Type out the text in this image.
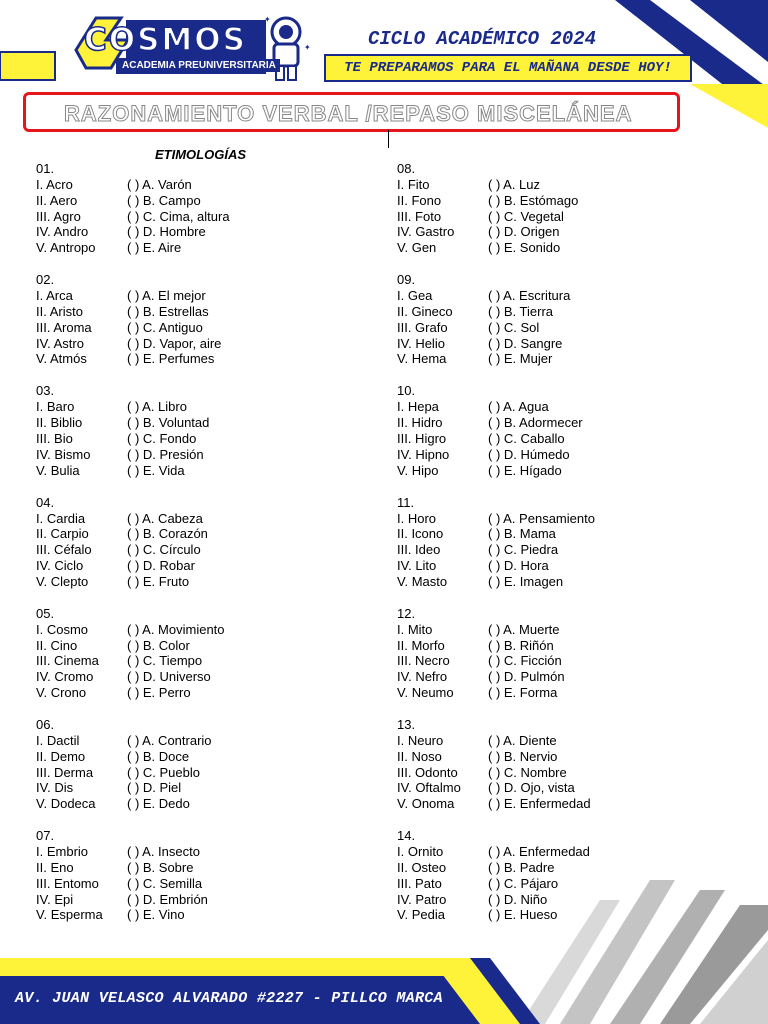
✦
✦
COSMOS
ACADEMIA PREUNIVERSITARIA
CICLO ACADÉMICO 2024
TE PREPARAMOS PARA EL MAÑANA DESDE HOY!
RAZONAMIENTO VERBAL /REPASO MISCELÁNEA
ETIMOLOGÍAS
01.
I. Acro	( ) A. Varón
II. Aero	( ) B. Campo
III. Agro	( ) C. Cima, altura
IV. Andro	( ) D. Hombre
V. Antropo ( ) E. Aire
02.
I. Arca	( ) A. El mejor
II. Aristo	( ) B. Estrellas
III. Aroma	( ) C. Antiguo
IV. Astro	( ) D. Vapor, aire
V. Atmós	( ) E. Perfumes
03.
I. Baro	( ) A. Libro
II. Biblio	( ) B. Voluntad
III. Bio	( ) C. Fondo
IV. Bismo	( ) D. Presión
V. Bulia	( ) E. Vida
04.
I. Cardia	( ) A. Cabeza
II. Carpio	( ) B. Corazón
III. Céfalo	( ) C. Círculo
IV. Ciclo	( ) D. Robar
V. Clepto	( ) E. Fruto
05.
I. Cosmo	( ) A. Movimiento
II. Cino	( ) B. Color
III. Cinema ( ) C. Tiempo
IV. Cromo	( ) D. Universo
V. Crono	( ) E. Perro
06.
I. Dactil	( ) A. Contrario
II. Demo	( ) B. Doce
III. Derma	( ) C. Pueblo
IV. Dis	( ) D. Piel
V. Dodeca ( ) E. Dedo
07.
I. Embrio	( ) A. Insecto
II. Eno	( ) B. Sobre
III. Entomo ( ) C. Semilla
IV. Epi	( ) D. Embrión
V. Esperma ( ) E. Vino
08.
I. Fito	( ) A. Luz
II. Fono	( ) B. Estómago
III. Foto	( ) C. Vegetal
IV. Gastro	( ) D. Origen
V. Gen	( ) E. Sonido
09.
I. Gea	( ) A. Escritura
II. Gineco	( ) B. Tierra
III. Grafo	( ) C. Sol
IV. Helio	( ) D. Sangre
V. Hema	( ) E. Mujer
10.
I. Hepa	( ) A. Agua
II. Hidro	( ) B. Adormecer
III. Higro	( ) C. Caballo
IV. Hipno	( ) D. Húmedo
V. Hipo	( ) E. Hígado
11.
I. Horo	( ) A. Pensamiento
II. Icono	( ) B. Mama
III. Ideo	( ) C. Piedra
IV. Lito	( ) D. Hora
V. Masto	( ) E. Imagen
12.
I. Mito	( ) A. Muerte
II. Morfo	( ) B. Riñón
III. Necro	( ) C. Ficción
IV. Nefro	( ) D. Pulmón
V. Neumo	( ) E. Forma
13.
I. Neuro	( ) A. Diente
II. Noso	( ) B. Nervio
III. Odonto ( ) C. Nombre
IV. Oftalmo ( ) D. Ojo, vista
V. Onoma	( ) E. Enfermedad
14.
I. Ornito	( ) A. Enfermedad
II. Osteo	( ) B. Padre
III. Pato	( ) C. Pájaro
IV. Patro	( ) D. Niño
V. Pedia	( ) E. Hueso
AV. JUAN VELASCO ALVARADO #2227 - PILLCO MARCA
